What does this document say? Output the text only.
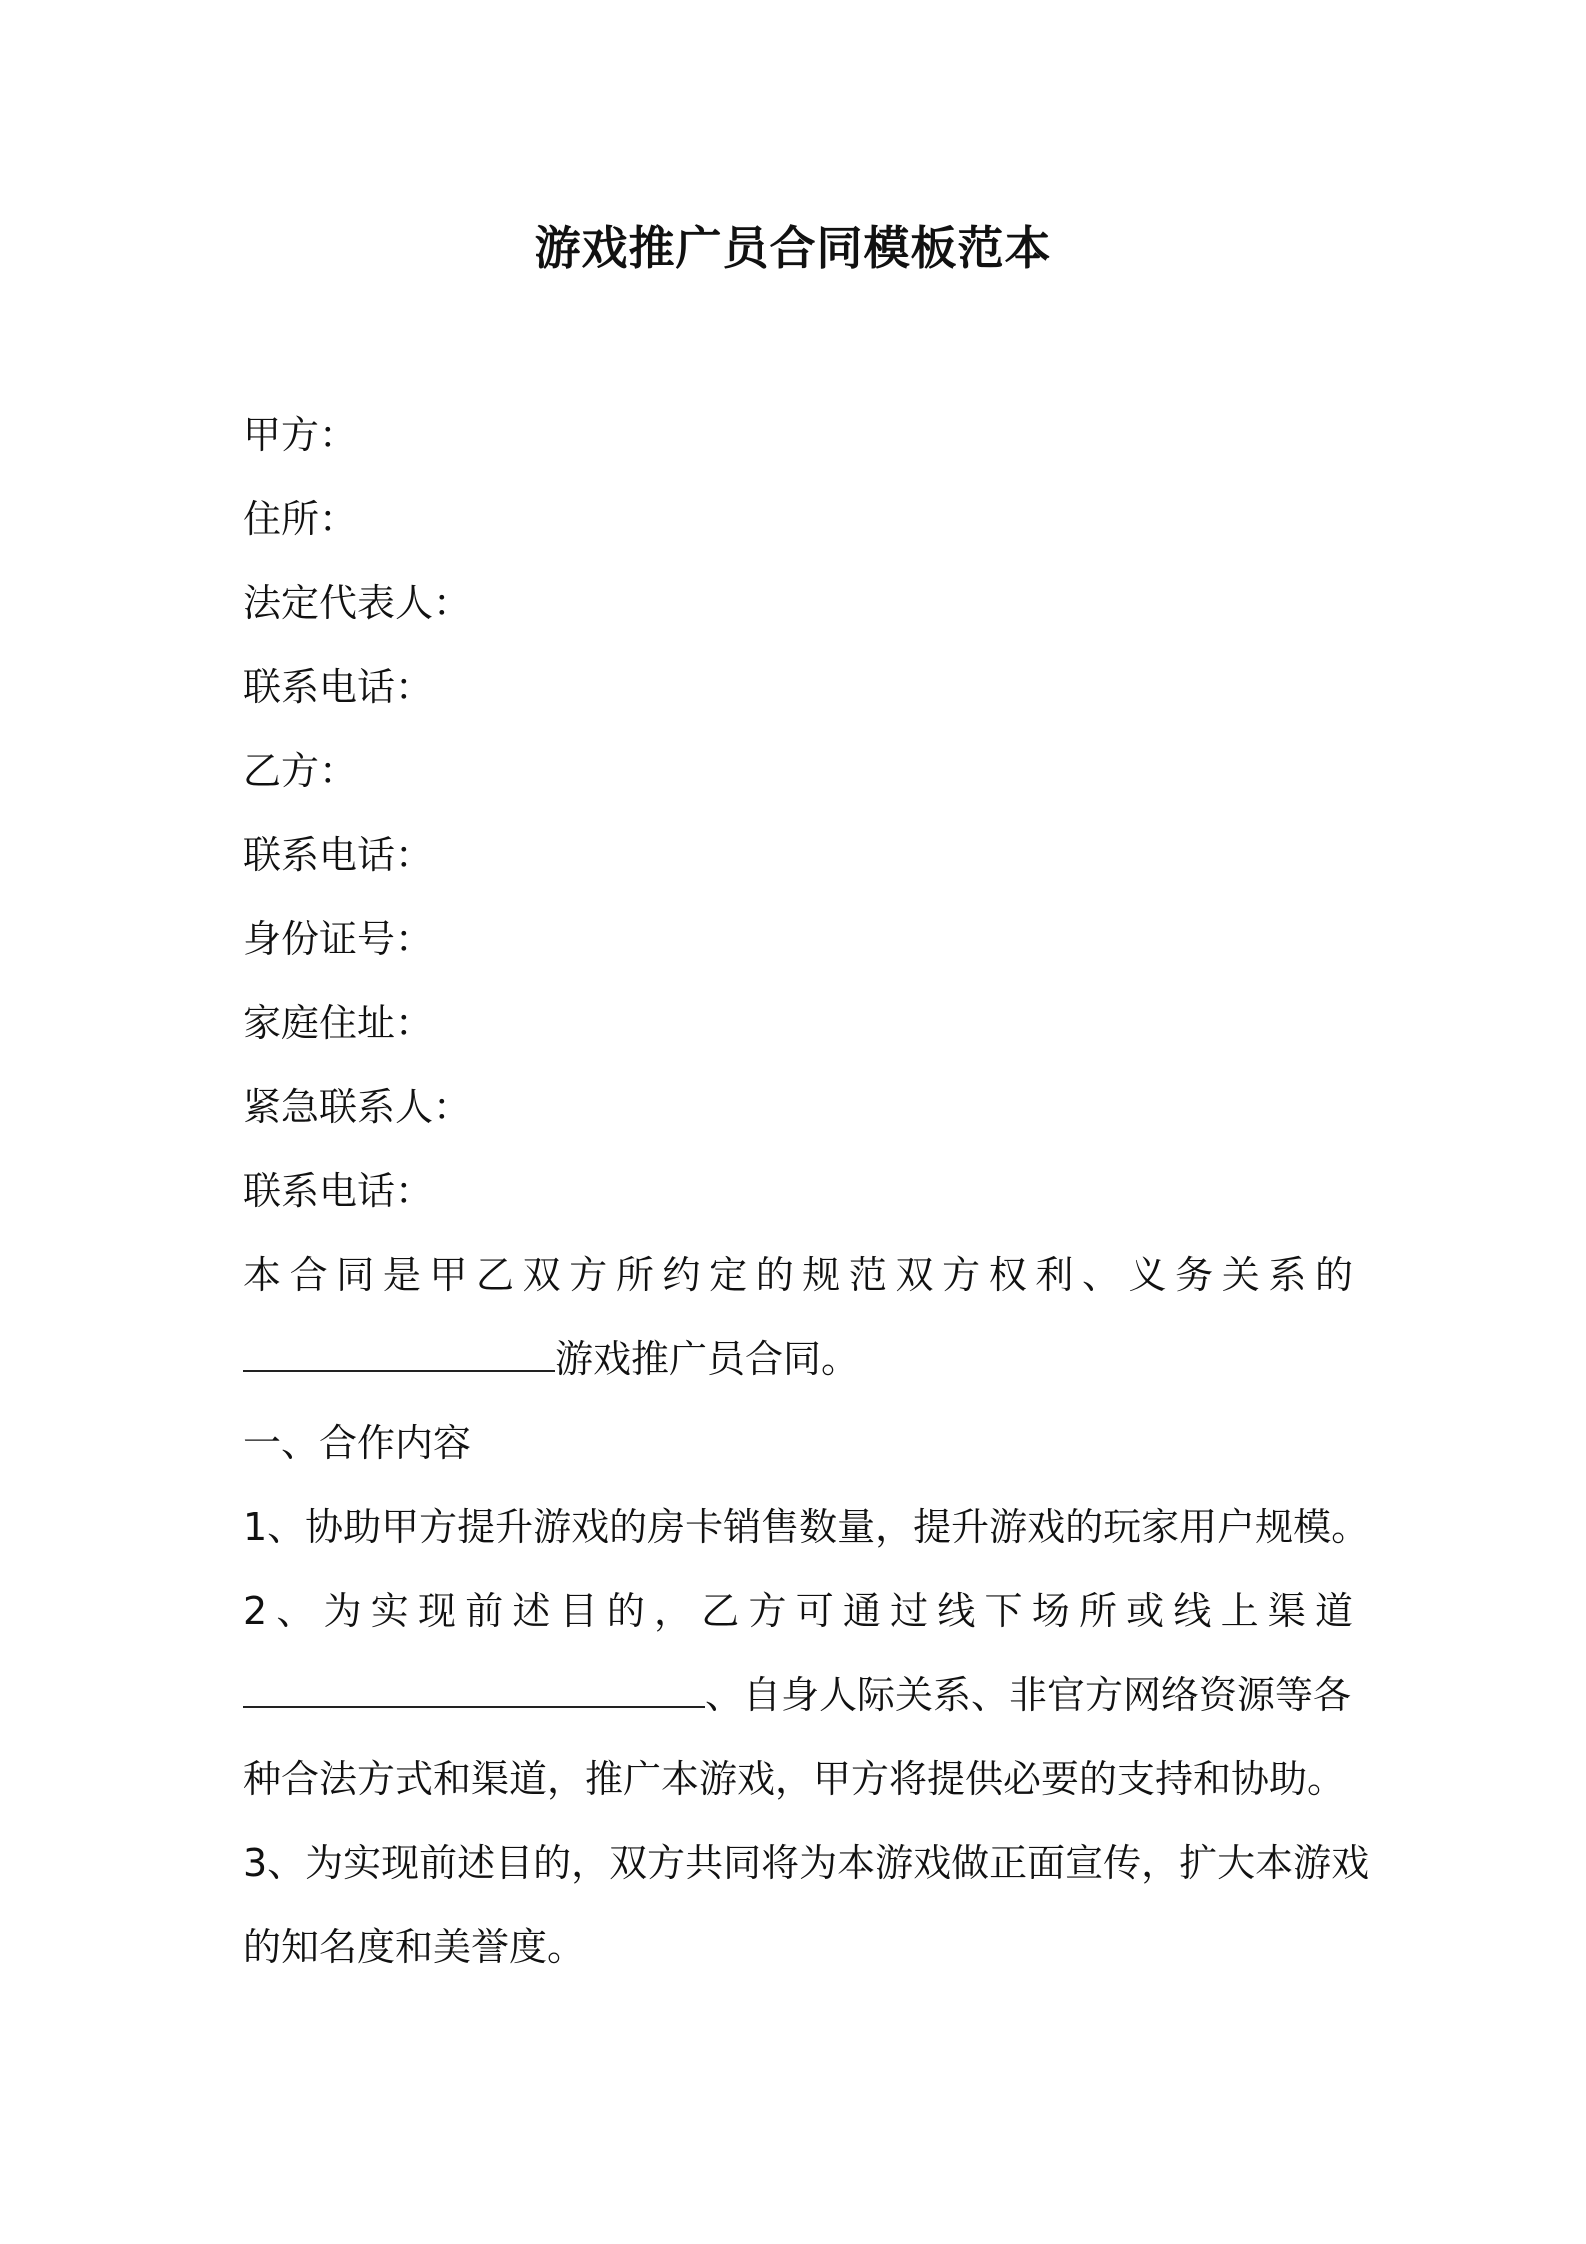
游戏推广员合同模板范本
甲方：
住所：
法定代表人：
联系电话：
乙方：
联系电话：
身份证号：
家庭住址：
紧急联系人：
联系电话：
本合同是甲乙双方所约定的规范双方权利、义务关系的
游戏推广员合同。
一、合作内容
1、协助甲方提升游戏的房卡销售数量，提升游戏的玩家用户规模。
2、为实现前述目的，乙方可通过线下场所或线上渠道
、自身人际关系、非官方网络资源等各
种合法方式和渠道，推广本游戏，甲方将提供必要的支持和协助。
3、为实现前述目的，双方共同将为本游戏做正面宣传，扩大本游戏
的知名度和美誉度。
